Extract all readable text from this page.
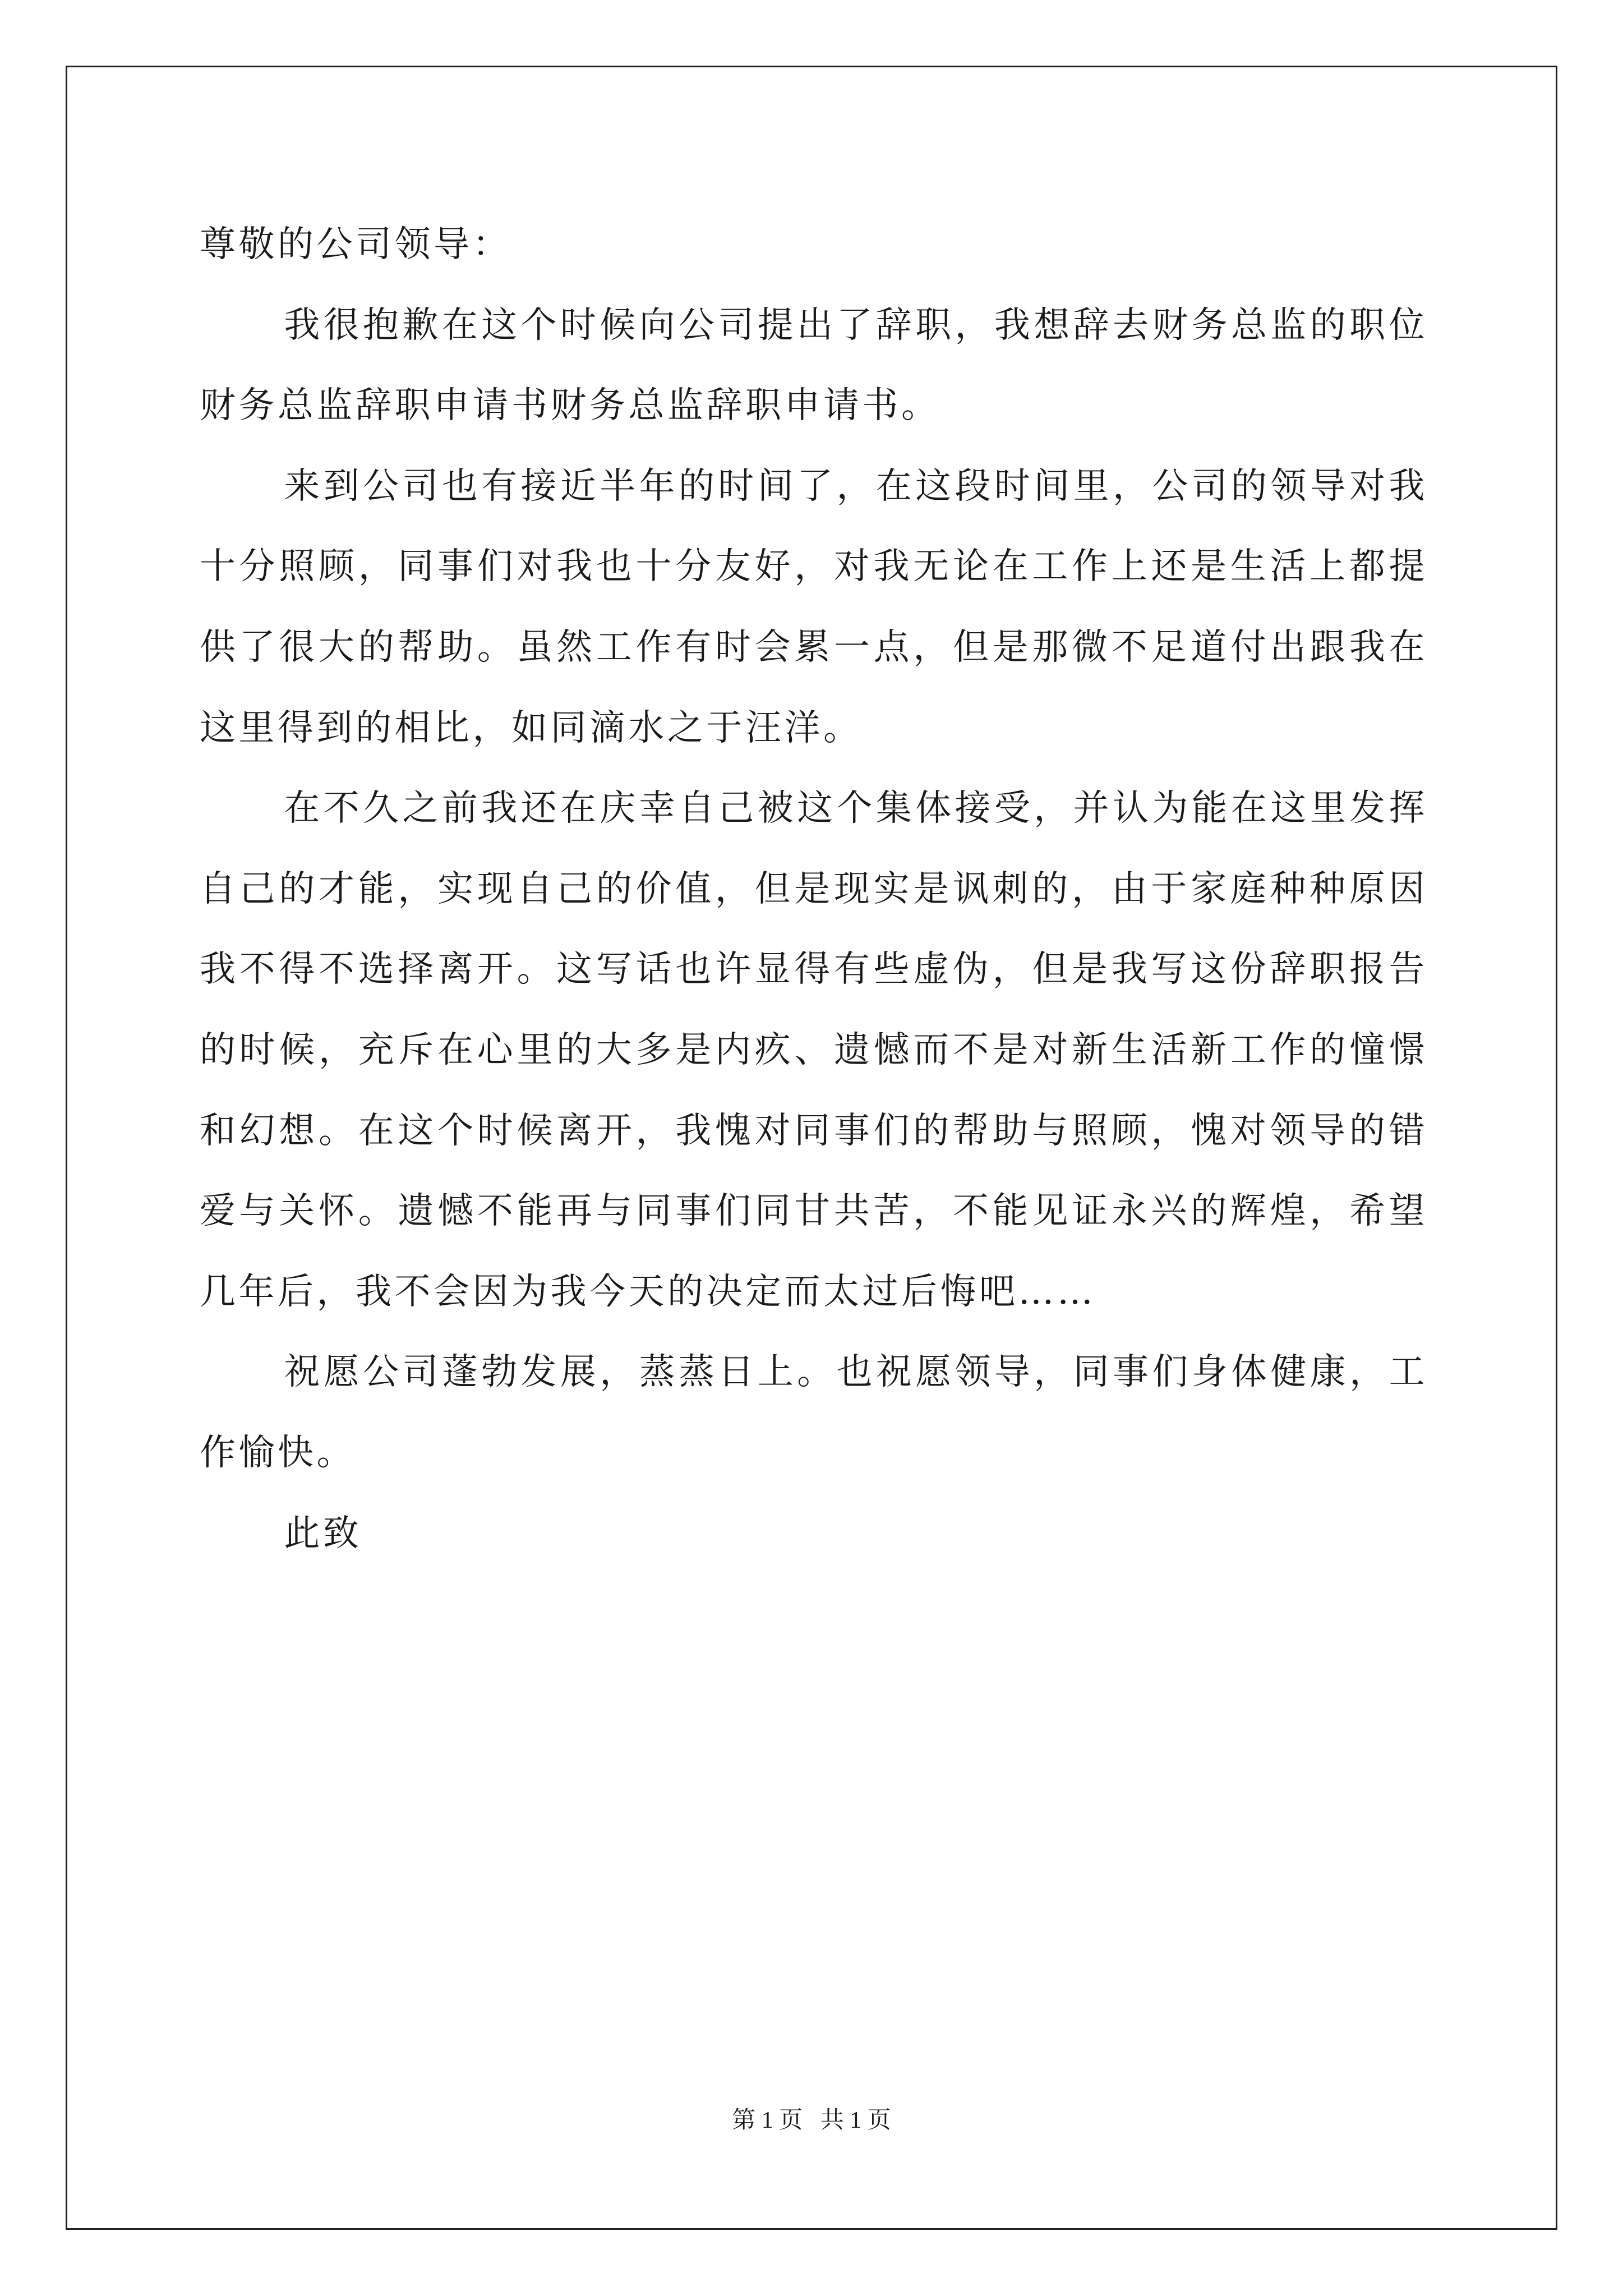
尊敬的公司领导：

我很抱歉在这个时候向公司提出了辞职，我想辞去财务总监的职位财务总监辞职申请书财务总监辞职申请书。

来到公司也有接近半年的时间了，在这段时间里，公司的领导对我十分照顾，同事们对我也十分友好，对我无论在工作上还是生活上都提供了很大的帮助。虽然工作有时会累一点，但是那微不足道付出跟我在这里得到的相比，如同滴水之于汪洋。

在不久之前我还在庆幸自己被这个集体接受，并认为能在这里发挥自己的才能，实现自己的价值，但是现实是讽刺的，由于家庭种种原因我不得不选择离开。这写话也许显得有些虚伪，但是我写这份辞职报告的时候，充斥在心里的大多是内疚、遗憾而不是对新生活新工作的憧憬和幻想。在这个时候离开，我愧对同事们的帮助与照顾，愧对领导的错爱与关怀。遗憾不能再与同事们同甘共苦，不能见证永兴的辉煌，希望几年后，我不会因为我今天的决定而太过后悔吧……

祝愿公司蓬勃发展，蒸蒸日上。也祝愿领导，同事们身体健康，工作愉快。

此致

第 1 页   共 1 页
